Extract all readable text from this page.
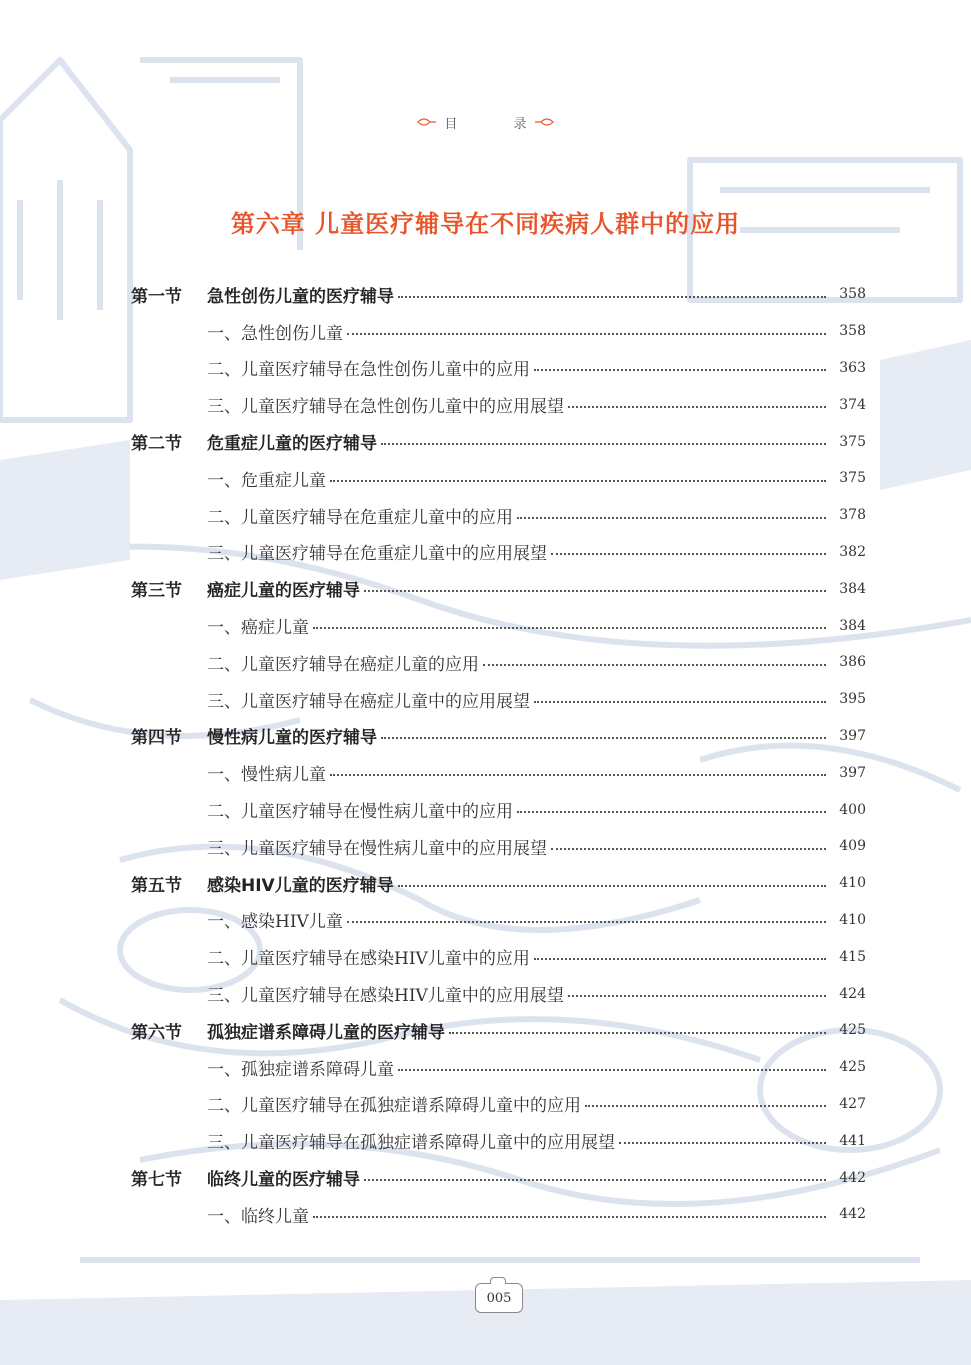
目 录
第六章 儿童医疗辅导在不同疾病人群中的应用
第一节	急性创伤儿童的医疗辅导	358
一、急性创伤儿童	358
二、儿童医疗辅导在急性创伤儿童中的应用	363
三、儿童医疗辅导在急性创伤儿童中的应用展望	374
第二节	危重症儿童的医疗辅导	375
一、危重症儿童	375
二、儿童医疗辅导在危重症儿童中的应用	378
三、儿童医疗辅导在危重症儿童中的应用展望	382
第三节	癌症儿童的医疗辅导	384
一、癌症儿童	384
二、儿童医疗辅导在癌症儿童的应用	386
三、儿童医疗辅导在癌症儿童中的应用展望	395
第四节	慢性病儿童的医疗辅导	397
一、慢性病儿童	397
二、儿童医疗辅导在慢性病儿童中的应用	400
三、儿童医疗辅导在慢性病儿童中的应用展望	409
第五节	感染HIV儿童的医疗辅导	410
一、感染HIV儿童	410
二、儿童医疗辅导在感染HIV儿童中的应用	415
三、儿童医疗辅导在感染HIV儿童中的应用展望	424
第六节	孤独症谱系障碍儿童的医疗辅导	425
一、孤独症谱系障碍儿童	425
二、儿童医疗辅导在孤独症谱系障碍儿童中的应用	427
三、儿童医疗辅导在孤独症谱系障碍儿童中的应用展望	441
第七节	临终儿童的医疗辅导	442
一、临终儿童	442
005
